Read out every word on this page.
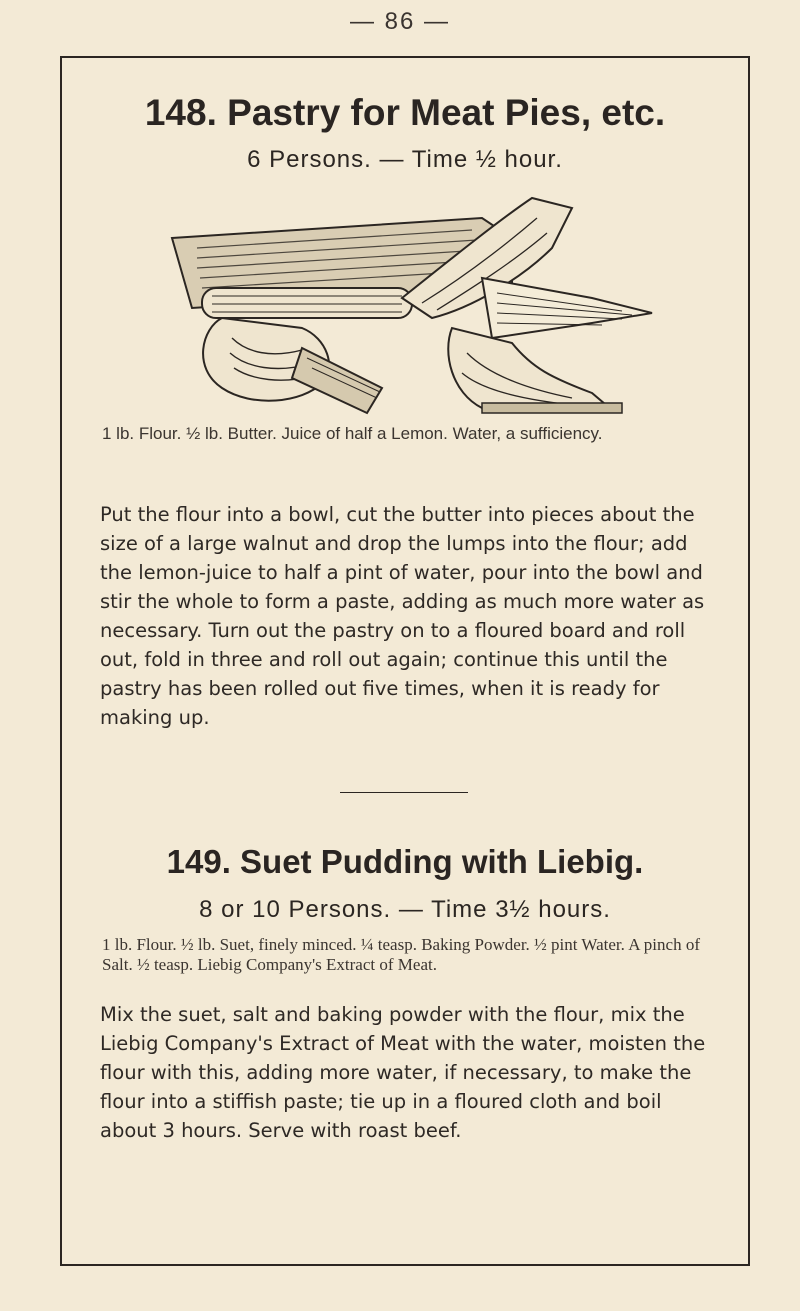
— 86 —
148. Pastry for Meat Pies, etc.
6 Persons. — Time ½ hour.
1 lb. Flour. ½ lb. Butter. Juice of half a Lemon. Water, a sufficiency.
Put the flour into a bowl, cut the butter into pieces about the size of a large walnut and drop the lumps into the flour; add the lemon-juice to half a pint of water, pour into the bowl and stir the whole to form a paste, adding as much more water as necessary. Turn out the pastry on to a floured board and roll out, fold in three and roll out again; continue this until the pastry has been rolled out five times, when it is ready for making up.
149. Suet Pudding with Liebig.
8 or 10 Persons. — Time 3½ hours.
1 lb. Flour. ½ lb. Suet, finely minced. ¼ teasp. Baking Powder. ½ pint Water. A pinch of Salt. ½ teasp. Liebig Company's Extract of Meat.
Mix the suet, salt and baking powder with the flour, mix the Liebig Company's Extract of Meat with the water, moisten the flour with this, adding more water, if necessary, to make the flour into a stiffish paste; tie up in a floured cloth and boil about 3 hours. Serve with roast beef.
